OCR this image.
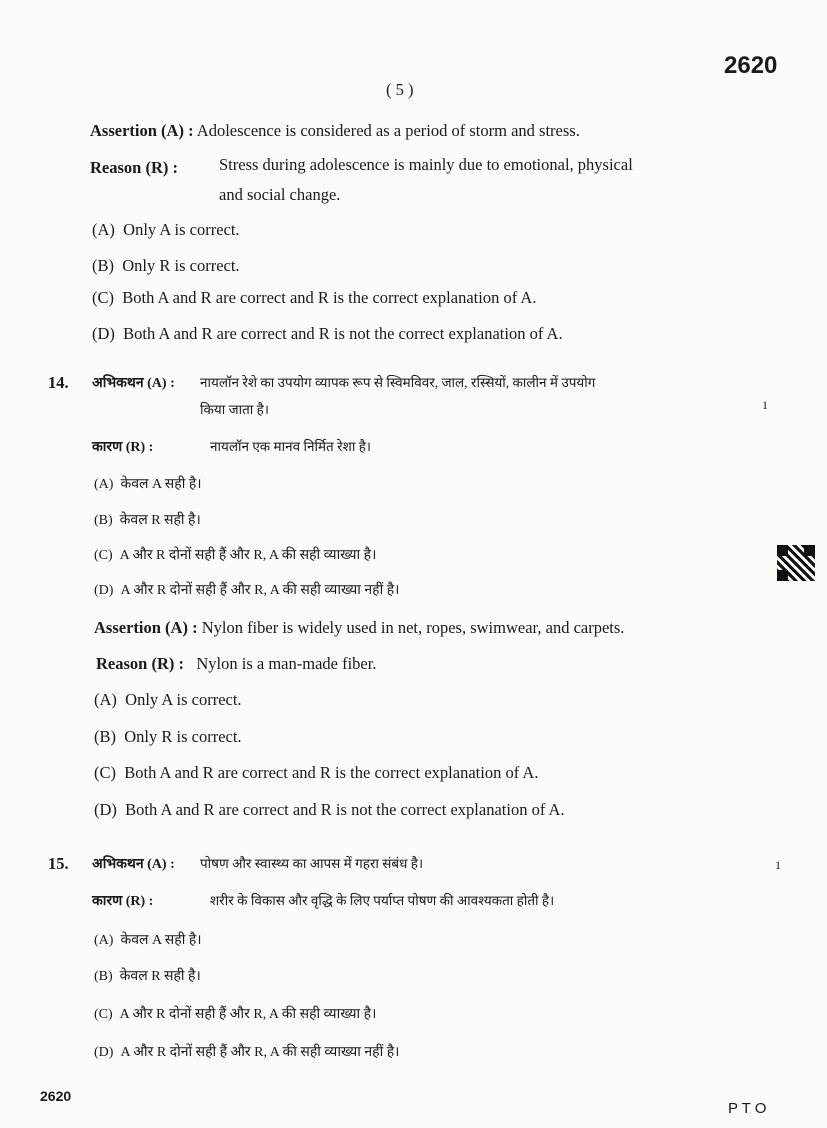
2620
( 5 )
Assertion (A) : Adolescence is considered as a period of storm and stress.
Reason (R) : Stress during adolescence is mainly due to emotional, physical
and social change.
(A) Only A is correct.
(B) Only R is correct.
(C) Both A and R are correct and R is the correct explanation of A.
(D) Both A and R are correct and R is not the correct explanation of A.
14. अभिकथन (A) : नायलॉन रेशे का उपयोग व्यापक रूप से स्विमविवर, जाल, रस्सियों, कालीन में उपयोग
किया जाता है।	1
कारण (R) :	नायलॉन एक मानव निर्मित रेशा है।
(A) केवल A सही है।
(B) केवल R सही है।
(C) A और R दोनों सही हैं और R, A की सही व्याख्या है।
(D) A और R दोनों सही हैं और R, A की सही व्याख्या नहीं है।
Assertion (A) : Nylon fiber is widely used in net, ropes, swimwear, and carpets.
Reason (R) : Nylon is a man-made fiber.
(A) Only A is correct.
(B) Only R is correct.
(C) Both A and R are correct and R is the correct explanation of A.
(D) Both A and R are correct and R is not the correct explanation of A.
15. अभिकथन (A) : पोषण और स्वास्थ्य का आपस में गहरा संबंध है।	1
कारण (R) :	शरीर के विकास और वृद्धि के लिए पर्याप्त पोषण की आवश्यकता होती है।
(A) केवल A सही है।
(B) केवल R सही है।
(C) A और R दोनों सही हैं और R, A की सही व्याख्या है।
(D) A और R दोनों सही हैं और R, A की सही व्याख्या नहीं है।
2620
P T O
